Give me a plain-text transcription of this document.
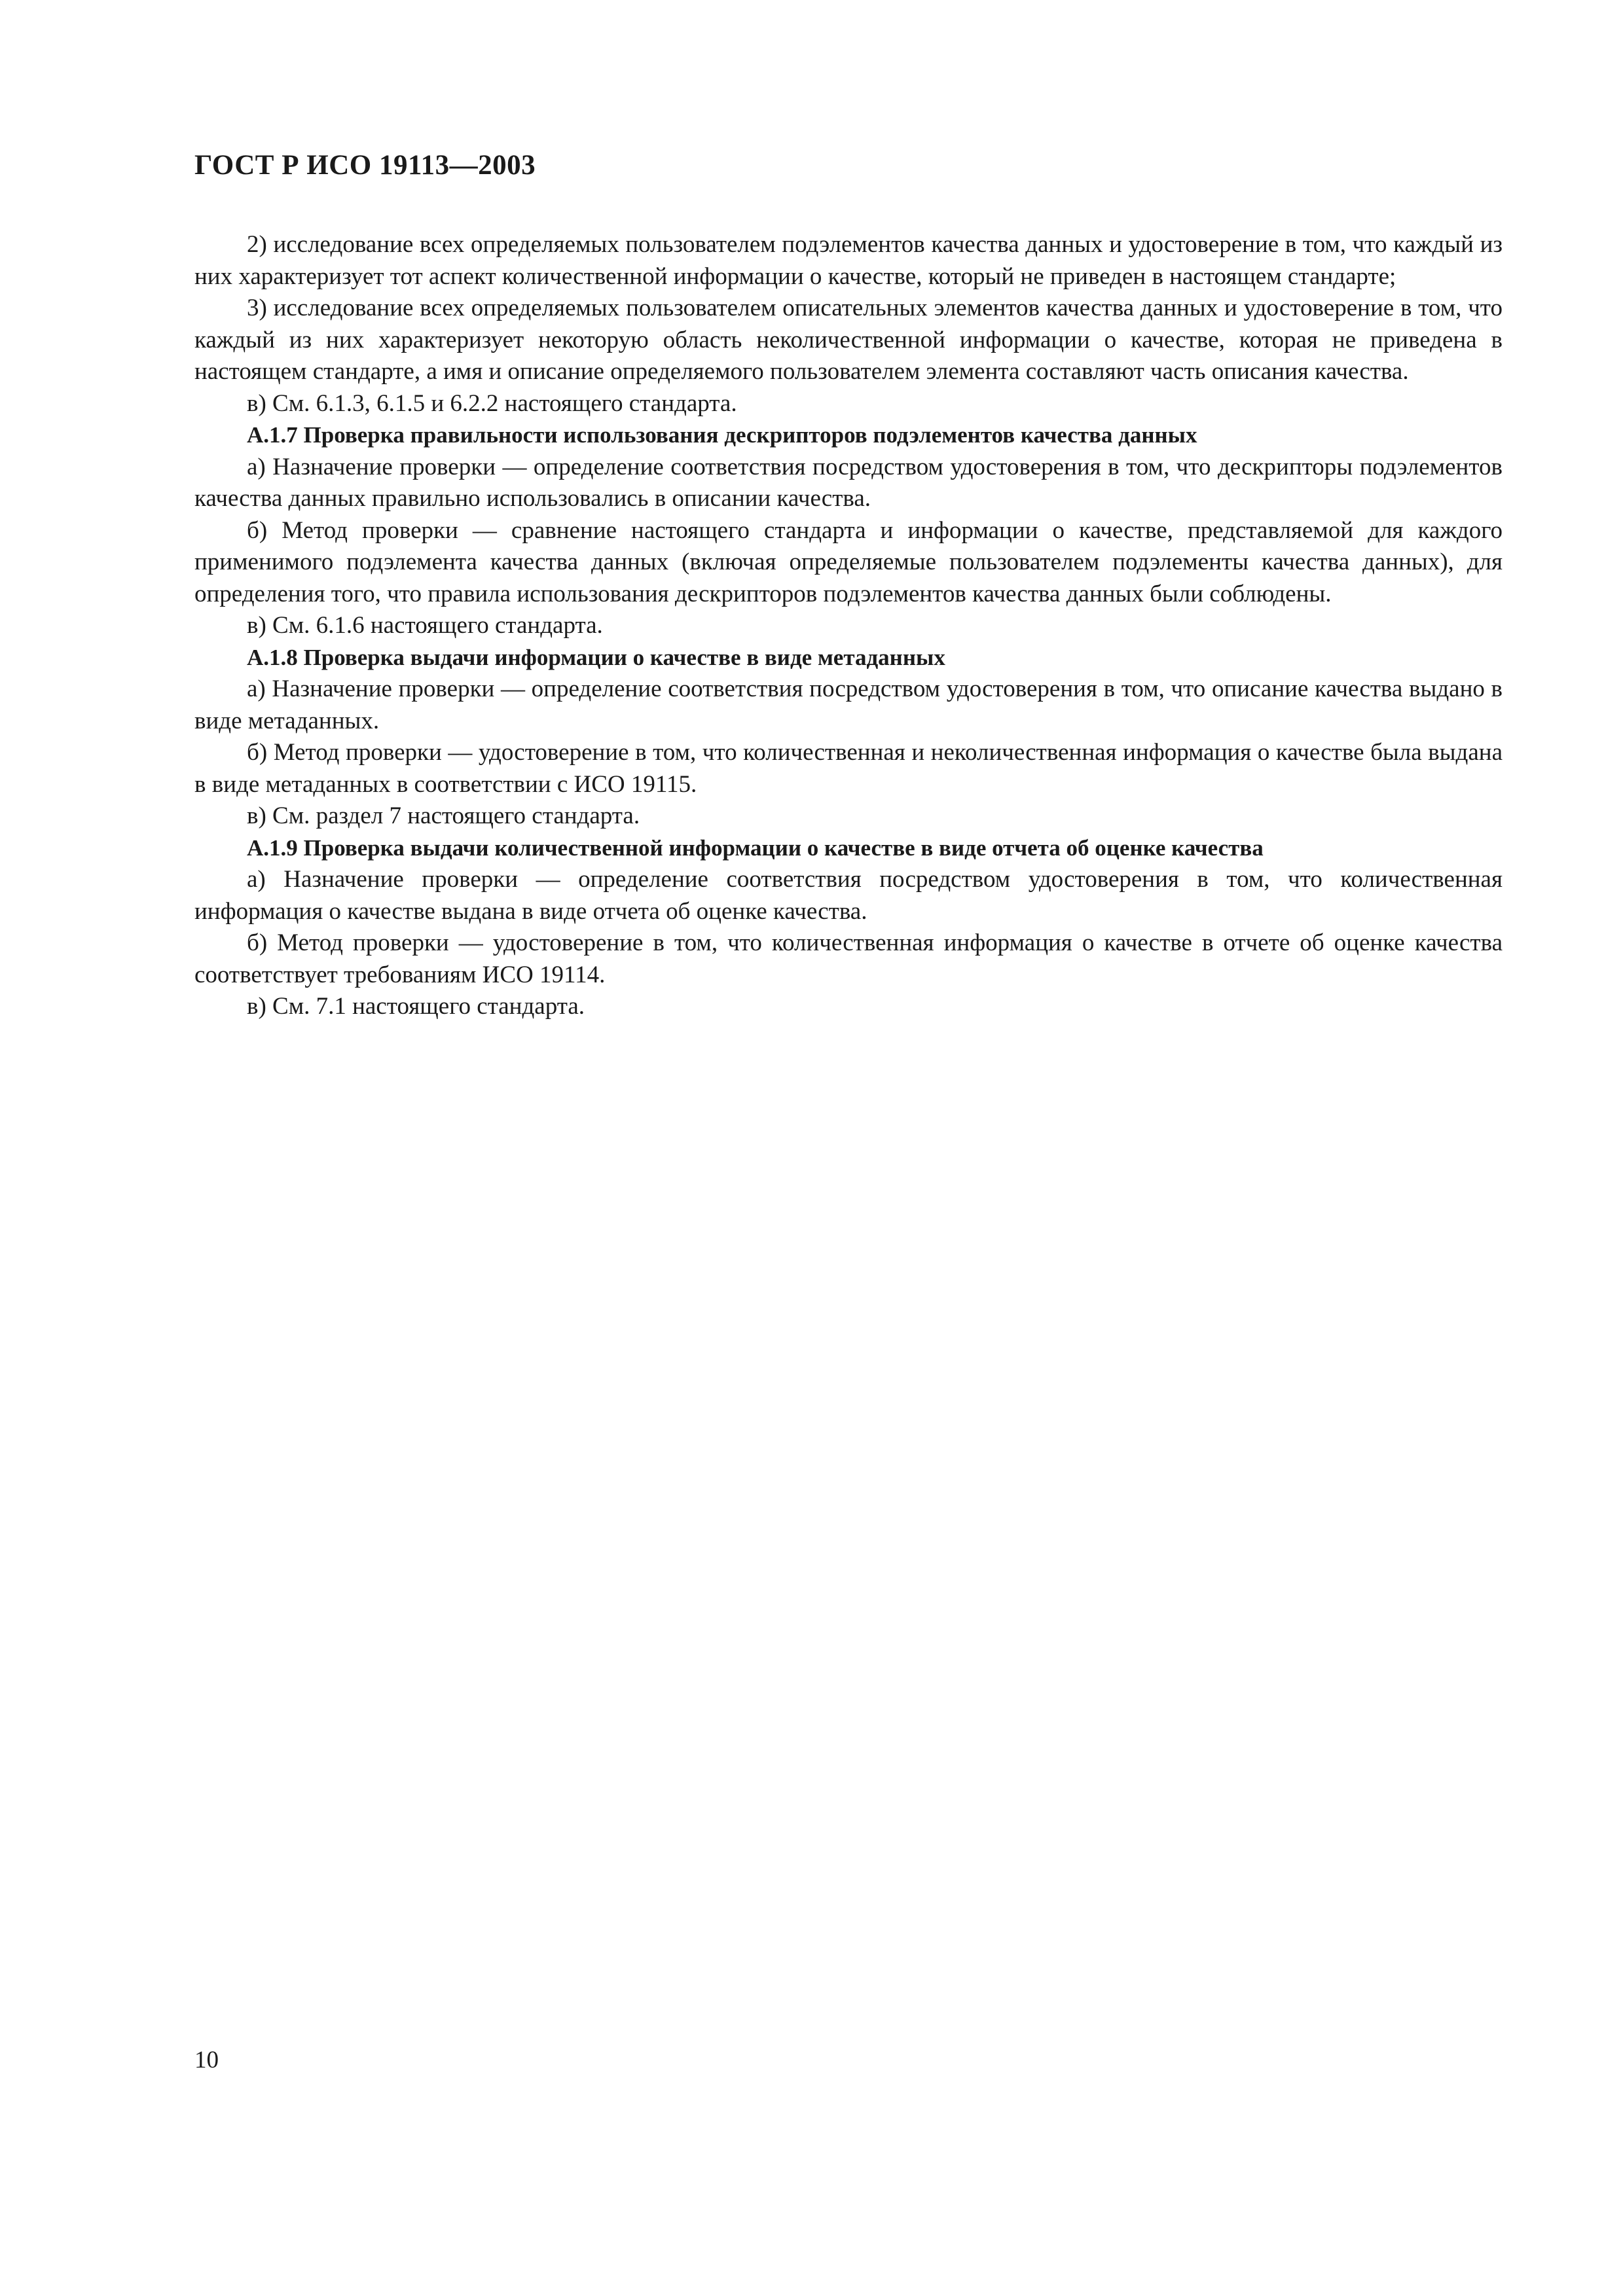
ГОСТ Р ИСО 19113—2003

2) исследование всех определяемых пользователем подэлементов качества данных и удостоверение в том, что каждый из них характеризует тот аспект количественной информации о качестве, который не приведен в настоящем стандарте;

3) исследование всех определяемых пользователем описательных элементов качества данных и удостоверение в том, что каждый из них характеризует некоторую область неколичественной информации о качестве, которая не приведена в настоящем стандарте, а имя и описание определяемого пользователем элемента составляют часть описания качества.

в) См. 6.1.3, 6.1.5 и 6.2.2 настоящего стандарта.

А.1.7 Проверка правильности использования дескрипторов подэлементов качества данных

а) Назначение проверки — определение соответствия посредством удостоверения в том, что дескрипторы подэлементов качества данных правильно использовались в описании качества.

б) Метод проверки — сравнение настоящего стандарта и информации о качестве, представляемой для каждого применимого подэлемента качества данных (включая определяемые пользователем подэлементы качества данных), для определения того, что правила использования дескрипторов подэлементов качества данных были соблюдены.

в) См. 6.1.6 настоящего стандарта.

А.1.8 Проверка выдачи информации о качестве в виде метаданных

а) Назначение проверки — определение соответствия посредством удостоверения в том, что описание качества выдано в виде метаданных.

б) Метод проверки — удостоверение в том, что количественная и неколичественная информация о качестве была выдана в виде метаданных в соответствии с ИСО 19115.

в) См. раздел 7 настоящего стандарта.

А.1.9 Проверка выдачи количественной информации о качестве в виде отчета об оценке качества

а) Назначение проверки — определение соответствия посредством удостоверения в том, что количественная информация о качестве выдана в виде отчета об оценке качества.

б) Метод проверки — удостоверение в том, что количественная информация о качестве в отчете об оценке качества соответствует требованиям ИСО 19114.

в) См. 7.1 настоящего стандарта.

10
